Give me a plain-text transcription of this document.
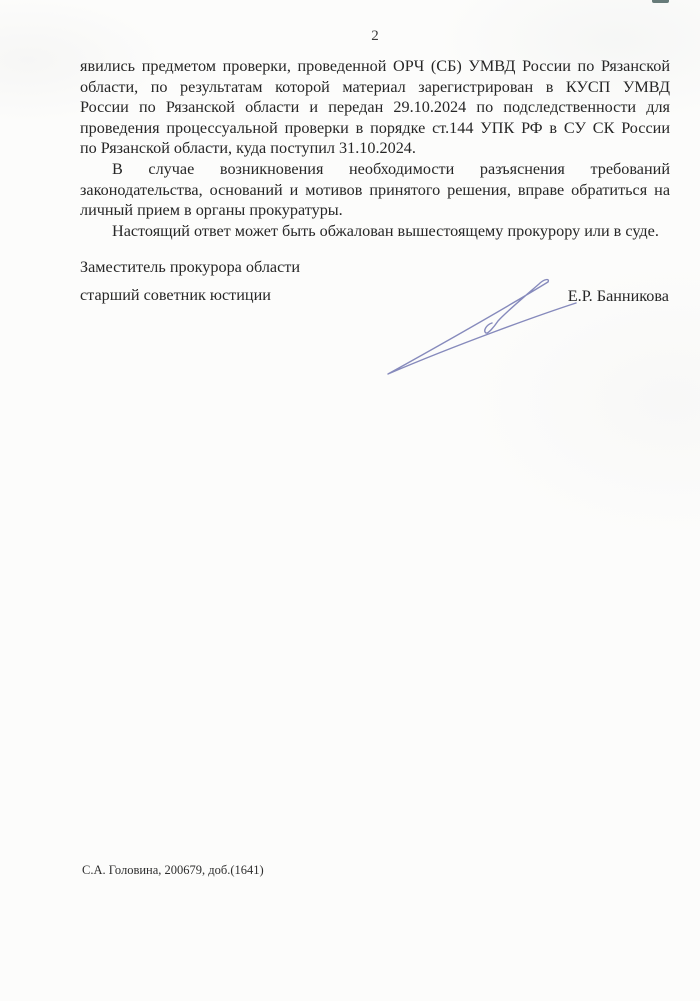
2
явились предметом проверки, проведенной ОРЧ (СБ) УМВД России по Рязанской
области, по результатам которой материал зарегистрирован в КУСП УМВД
России по Рязанской области и передан 29.10.2024 по подследственности для
проведения процессуальной проверки в порядке ст.144 УПК РФ в СУ СК России
по Рязанской области, куда поступил 31.10.2024.
В случае возникновения необходимости разъяснения требований
законодательства, оснований и мотивов принятого решения, вправе обратиться на
личный прием в органы прокуратуры.
Настоящий ответ может быть обжалован вышестоящему прокурору или в суде.
Заместитель прокурора области
старший советник юстиции	Е.Р. Банникова
С.А. Головина, 200679, доб.(1641)
